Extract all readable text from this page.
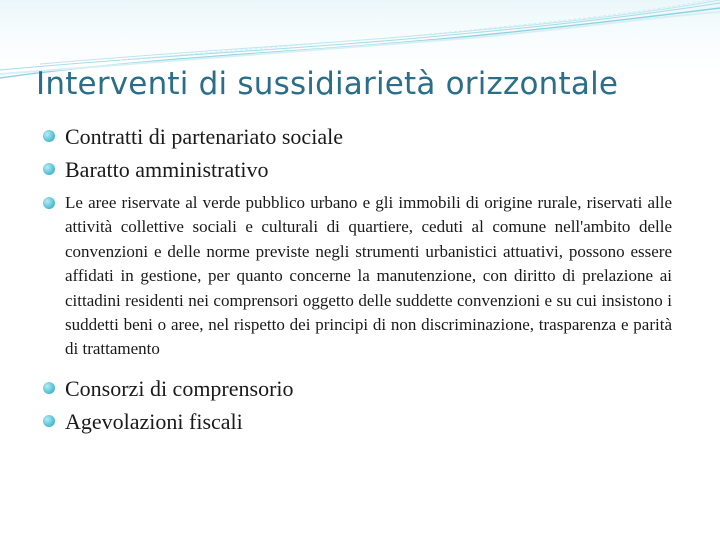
Interventi di sussidiarietà orizzontale
Contratti di partenariato sociale
Baratto amministrativo
Le aree riservate al verde pubblico urbano e gli immobili di origine rurale, riservati alle attività collettive sociali e culturali di quartiere, ceduti al comune nell'ambito delle convenzioni e delle norme previste negli strumenti urbanistici attuativi, possono essere affidati in gestione, per quanto concerne la manutenzione, con diritto di prelazione ai cittadini residenti nei comprensori oggetto delle suddette convenzioni e su cui insistono i suddetti beni o aree, nel rispetto dei principi di non discriminazione, trasparenza e parità di trattamento
Consorzi di comprensorio
Agevolazioni fiscali
